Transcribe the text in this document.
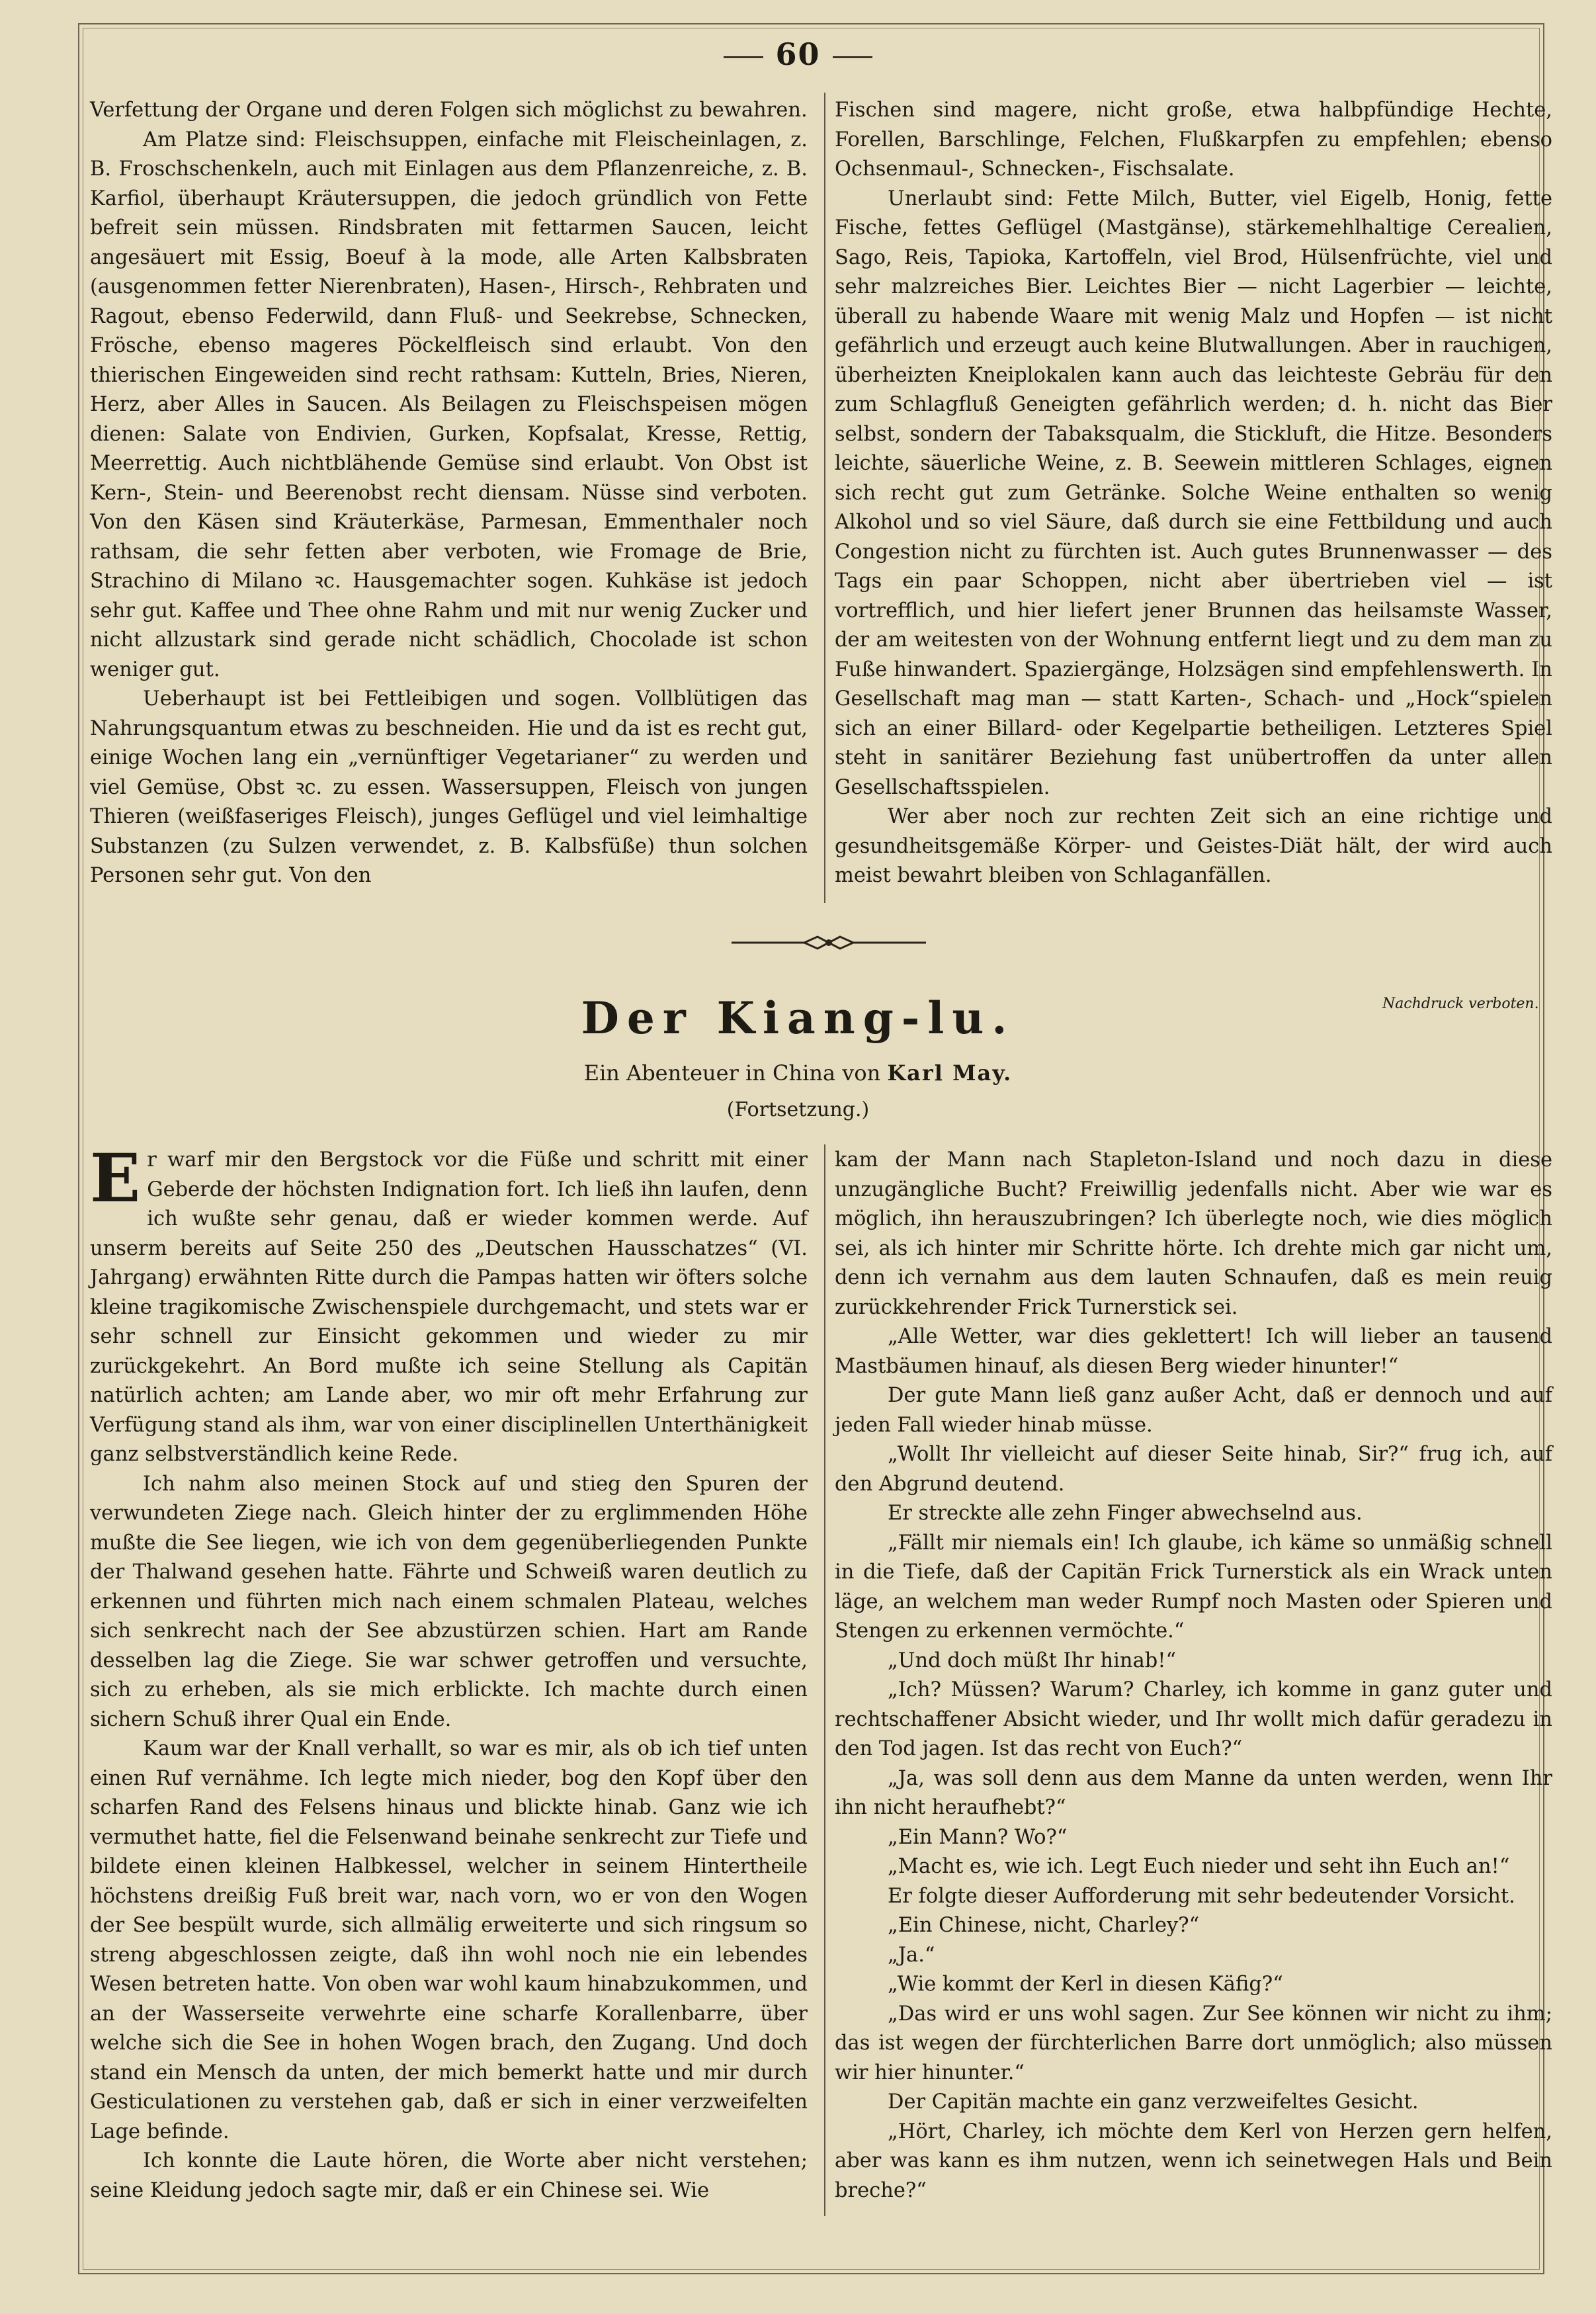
60

Verfettung der Organe und deren Folgen sich möglichst zu bewahren.

Am Platze sind: Fleischsuppen, einfache mit Fleischeinlagen, z. B. Froschschenkeln, auch mit Einlagen aus dem Pflanzenreiche, z. B. Karfiol, überhaupt Kräutersuppen, die jedoch gründlich von Fette befreit sein müssen. Rindsbraten mit fettarmen Saucen, leicht angesäuert mit Essig, Boeuf à la mode, alle Arten Kalbsbraten (ausgenommen fetter Nierenbraten), Hasen-, Hirsch-, Rehbraten und Ragout, ebenso Federwild, dann Fluß- und Seekrebse, Schnecken, Frösche, ebenso mageres Pöckelfleisch sind erlaubt. Von den thierischen Eingeweiden sind recht rathsam: Kutteln, Bries, Nieren, Herz, aber Alles in Saucen. Als Beilagen zu Fleischspeisen mögen dienen: Salate von Endivien, Gurken, Kopfsalat, Kresse, Rettig, Meerrettig. Auch nichtblähende Gemüse sind erlaubt. Von Obst ist Kern-, Stein- und Beerenobst recht diensam. Nüsse sind verboten. Von den Käsen sind Kräuterkäse, Parmesan, Emmenthaler noch rathsam, die sehr fetten aber verboten, wie Fromage de Brie, Strachino di Milano ꝛc. Hausgemachter sogen. Kuhkäse ist jedoch sehr gut. Kaffee und Thee ohne Rahm und mit nur wenig Zucker und nicht allzustark sind gerade nicht schädlich, Chocolade ist schon weniger gut.

Ueberhaupt ist bei Fettleibigen und sogen. Vollblütigen das Nahrungsquantum etwas zu beschneiden. Hie und da ist es recht gut, einige Wochen lang ein „vernünftiger Vegetarianer“ zu werden und viel Gemüse, Obst ꝛc. zu essen. Wassersuppen, Fleisch von jungen Thieren (weißfaseriges Fleisch), junges Geflügel und viel leimhaltige Substanzen (zu Sulzen verwendet, z. B. Kalbsfüße) thun solchen Personen sehr gut. Von den

Fischen sind magere, nicht große, etwa halbpfündige Hechte, Forellen, Barschlinge, Felchen, Flußkarpfen zu empfehlen; ebenso Ochsenmaul-, Schnecken-, Fischsalate.

Unerlaubt sind: Fette Milch, Butter, viel Eigelb, Honig, fette Fische, fettes Geflügel (Mastgänse), stärkemehlhaltige Cerealien, Sago, Reis, Tapioka, Kartoffeln, viel Brod, Hülsenfrüchte, viel und sehr malzreiches Bier. Leichtes Bier — nicht Lagerbier — leichte, überall zu habende Waare mit wenig Malz und Hopfen — ist nicht gefährlich und erzeugt auch keine Blutwallungen. Aber in rauchigen, überheizten Kneiplokalen kann auch das leichteste Gebräu für den zum Schlagfluß Geneigten gefährlich werden; d. h. nicht das Bier selbst, sondern der Tabaksqualm, die Stickluft, die Hitze. Besonders leichte, säuerliche Weine, z. B. Seewein mittleren Schlages, eignen sich recht gut zum Getränke. Solche Weine enthalten so wenig Alkohol und so viel Säure, daß durch sie eine Fettbildung und auch Congestion nicht zu fürchten ist. Auch gutes Brunnenwasser — des Tags ein paar Schoppen, nicht aber übertrieben viel — ist vortrefflich, und hier liefert jener Brunnen das heilsamste Wasser, der am weitesten von der Wohnung entfernt liegt und zu dem man zu Fuße hinwandert. Spaziergänge, Holzsägen sind empfehlenswerth. In Gesellschaft mag man — statt Karten-, Schach- und „Hock“spielen sich an einer Billard- oder Kegelpartie betheiligen. Letzteres Spiel steht in sanitärer Beziehung fast unübertroffen da unter allen Gesellschaftsspielen.

Wer aber noch zur rechten Zeit sich an eine richtige und gesundheitsgemäße Körper- und Geistes-Diät hält, der wird auch meist bewahrt bleiben von Schlaganfällen.

Der Kiang-lu.	Nachdruck verboten.
Ein Abenteuer in China von Karl May.
(Fortsetzung.)

Er warf mir den Bergstock vor die Füße und schritt mit einer Geberde der höchsten Indignation fort. Ich ließ ihn laufen, denn ich wußte sehr genau, daß er wieder kommen werde. Auf unserm bereits auf Seite 250 des „Deutschen Hausschatzes“ (VI. Jahrgang) erwähnten Ritte durch die Pampas hatten wir öfters solche kleine tragikomische Zwischenspiele durchgemacht, und stets war er sehr schnell zur Einsicht gekommen und wieder zu mir zurückgekehrt. An Bord mußte ich seine Stellung als Capitän natürlich achten; am Lande aber, wo mir oft mehr Erfahrung zur Verfügung stand als ihm, war von einer disciplinellen Unterthänigkeit ganz selbstverständlich keine Rede.

Ich nahm also meinen Stock auf und stieg den Spuren der verwundeten Ziege nach. Gleich hinter der zu erglimmenden Höhe mußte die See liegen, wie ich von dem gegenüberliegenden Punkte der Thalwand gesehen hatte. Fährte und Schweiß waren deutlich zu erkennen und führten mich nach einem schmalen Plateau, welches sich senkrecht nach der See abzustürzen schien. Hart am Rande desselben lag die Ziege. Sie war schwer getroffen und versuchte, sich zu erheben, als sie mich erblickte. Ich machte durch einen sichern Schuß ihrer Qual ein Ende.

Kaum war der Knall verhallt, so war es mir, als ob ich tief unten einen Ruf vernähme. Ich legte mich nieder, bog den Kopf über den scharfen Rand des Felsens hinaus und blickte hinab. Ganz wie ich vermuthet hatte, fiel die Felsenwand beinahe senkrecht zur Tiefe und bildete einen kleinen Halbkessel, welcher in seinem Hintertheile höchstens dreißig Fuß breit war, nach vorn, wo er von den Wogen der See bespült wurde, sich allmälig erweiterte und sich ringsum so streng abgeschlossen zeigte, daß ihn wohl noch nie ein lebendes Wesen betreten hatte. Von oben war wohl kaum hinabzukommen, und an der Wasserseite verwehrte eine scharfe Korallenbarre, über welche sich die See in hohen Wogen brach, den Zugang. Und doch stand ein Mensch da unten, der mich bemerkt hatte und mir durch Gesticulationen zu verstehen gab, daß er sich in einer verzweifelten Lage befinde.

Ich konnte die Laute hören, die Worte aber nicht verstehen; seine Kleidung jedoch sagte mir, daß er ein Chinese sei. Wie

kam der Mann nach Stapleton-Island und noch dazu in diese unzugängliche Bucht? Freiwillig jedenfalls nicht. Aber wie war es möglich, ihn herauszubringen? Ich überlegte noch, wie dies möglich sei, als ich hinter mir Schritte hörte. Ich drehte mich gar nicht um, denn ich vernahm aus dem lauten Schnaufen, daß es mein reuig zurückkehrender Frick Turnerstick sei.

„Alle Wetter, war dies geklettert! Ich will lieber an tausend Mastbäumen hinauf, als diesen Berg wieder hinunter!“

Der gute Mann ließ ganz außer Acht, daß er dennoch und auf jeden Fall wieder hinab müsse.

„Wollt Ihr vielleicht auf dieser Seite hinab, Sir?“ frug ich, auf den Abgrund deutend.

Er streckte alle zehn Finger abwechselnd aus.

„Fällt mir niemals ein! Ich glaube, ich käme so unmäßig schnell in die Tiefe, daß der Capitän Frick Turnerstick als ein Wrack unten läge, an welchem man weder Rumpf noch Masten oder Spieren und Stengen zu erkennen vermöchte.“

„Und doch müßt Ihr hinab!“

„Ich? Müssen? Warum? Charley, ich komme in ganz guter und rechtschaffener Absicht wieder, und Ihr wollt mich dafür geradezu in den Tod jagen. Ist das recht von Euch?“

„Ja, was soll denn aus dem Manne da unten werden, wenn Ihr ihn nicht heraufhebt?“

„Ein Mann? Wo?“

„Macht es, wie ich. Legt Euch nieder und seht ihn Euch an!“

Er folgte dieser Aufforderung mit sehr bedeutender Vorsicht.

„Ein Chinese, nicht, Charley?“

„Ja.“

„Wie kommt der Kerl in diesen Käfig?“

„Das wird er uns wohl sagen. Zur See können wir nicht zu ihm; das ist wegen der fürchterlichen Barre dort unmöglich; also müssen wir hier hinunter.“

Der Capitän machte ein ganz verzweifeltes Gesicht.

„Hört, Charley, ich möchte dem Kerl von Herzen gern helfen, aber was kann es ihm nutzen, wenn ich seinetwegen Hals und Bein breche?“
